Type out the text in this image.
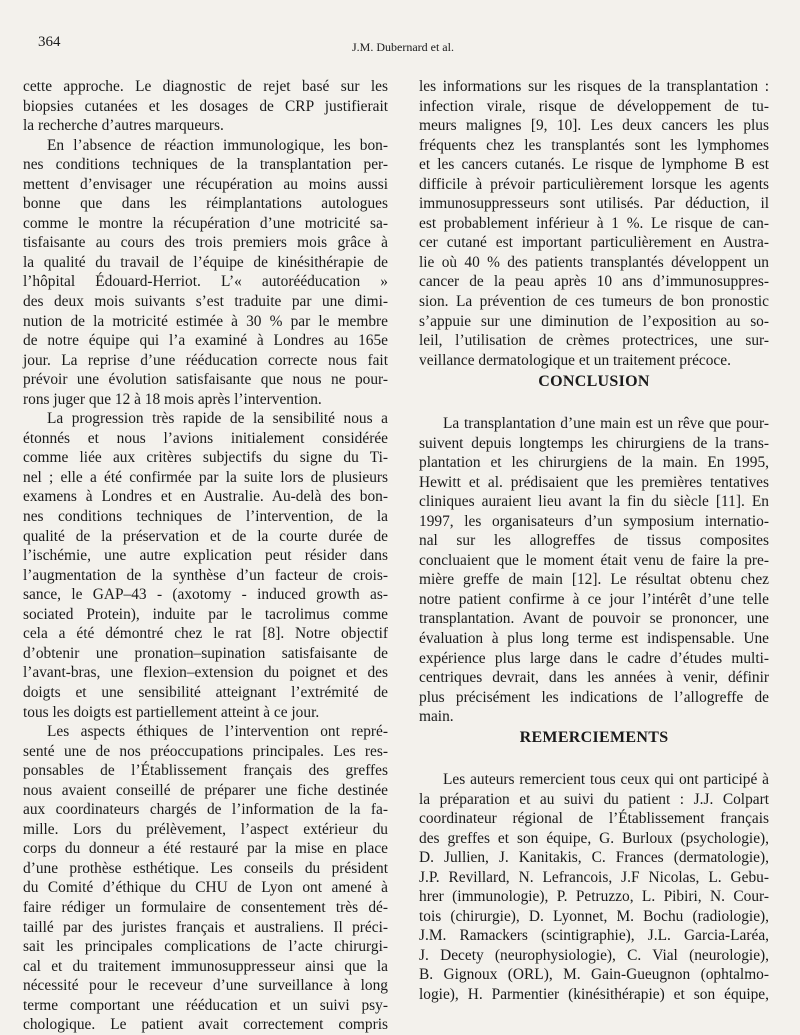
364	J.M. Dubernard et al.
cette approche. Le diagnostic de rejet basé sur les
biopsies cutanées et les dosages de CRP justifierait
la recherche d’autres marqueurs.
En l’absence de réaction immunologique, les bon-
nes conditions techniques de la transplantation per-
mettent d’envisager une récupération au moins aussi
bonne que dans les réimplantations autologues
comme le montre la récupération d’une motricité sa-
tisfaisante au cours des trois premiers mois grâce à
la qualité du travail de l’équipe de kinésithérapie de
l’hôpital Édouard-Herriot. L’« autorééducation »
des deux mois suivants s’est traduite par une dimi-
nution de la motricité estimée à 30 % par le membre
de notre équipe qui l’a examiné à Londres au 165e
jour. La reprise d’une rééducation correcte nous fait
prévoir une évolution satisfaisante que nous ne pour-
rons juger que 12 à 18 mois après l’intervention.
La progression très rapide de la sensibilité nous a
étonnés et nous l’avions initialement considérée
comme liée aux critères subjectifs du signe du Ti-
nel ; elle a été confirmée par la suite lors de plusieurs
examens à Londres et en Australie. Au-delà des bon-
nes conditions techniques de l’intervention, de la
qualité de la préservation et de la courte durée de
l’ischémie, une autre explication peut résider dans
l’augmentation de la synthèse d’un facteur de crois-
sance, le GAP–43 - (axotomy - induced growth as-
sociated Protein), induite par le tacrolimus comme
cela a été démontré chez le rat [8]. Notre objectif
d’obtenir une pronation–supination satisfaisante de
l’avant-bras, une flexion–extension du poignet et des
doigts et une sensibilité atteignant l’extrémité de
tous les doigts est partiellement atteint à ce jour.
Les aspects éthiques de l’intervention ont repré-
senté une de nos préoccupations principales. Les res-
ponsables de l’Établissement français des greffes
nous avaient conseillé de préparer une fiche destinée
aux coordinateurs chargés de l’information de la fa-
mille. Lors du prélèvement, l’aspect extérieur du
corps du donneur a été restauré par la mise en place
d’une prothèse esthétique. Les conseils du président
du Comité d’éthique du CHU de Lyon ont amené à
faire rédiger un formulaire de consentement très dé-
taillé par des juristes français et australiens. Il préci-
sait les principales complications de l’acte chirurgi-
cal et du traitement immunosuppresseur ainsi que la
nécessité pour le receveur d’une surveillance à long
terme comportant une rééducation et un suivi psy-
chologique. Le patient avait correctement compris
les informations sur les risques de la transplantation :
infection virale, risque de développement de tu-
meurs malignes [9, 10]. Les deux cancers les plus
fréquents chez les transplantés sont les lymphomes
et les cancers cutanés. Le risque de lymphome B est
difficile à prévoir particulièrement lorsque les agents
immunosuppresseurs sont utilisés. Par déduction, il
est probablement inférieur à 1 %. Le risque de can-
cer cutané est important particulièrement en Austra-
lie où 40 % des patients transplantés développent un
cancer de la peau après 10 ans d’immunosuppres-
sion. La prévention de ces tumeurs de bon pronostic
s’appuie sur une diminution de l’exposition au so-
leil, l’utilisation de crèmes protectrices, une sur-
veillance dermatologique et un traitement précoce.
CONCLUSION
La transplantation d’une main est un rêve que pour-
suivent depuis longtemps les chirurgiens de la trans-
plantation et les chirurgiens de la main. En 1995,
Hewitt et al. prédisaient que les premières tentatives
cliniques auraient lieu avant la fin du siècle [11]. En
1997, les organisateurs d’un symposium internatio-
nal sur les allogreffes de tissus composites
concluaient que le moment était venu de faire la pre-
mière greffe de main [12]. Le résultat obtenu chez
notre patient confirme à ce jour l’intérêt d’une telle
transplantation. Avant de pouvoir se prononcer, une
évaluation à plus long terme est indispensable. Une
expérience plus large dans le cadre d’études multi-
centriques devrait, dans les années à venir, définir
plus précisément les indications de l’allogreffe de
main.
REMERCIEMENTS
Les auteurs remercient tous ceux qui ont participé à
la préparation et au suivi du patient : J.J. Colpart
coordinateur régional de l’Établissement français
des greffes et son équipe, G. Burloux (psychologie),
D. Jullien, J. Kanitakis, C. Frances (dermatologie),
J.P. Revillard, N. Lefrancois, J.F Nicolas, L. Gebu-
hrer (immunologie), P. Petruzzo, L. Pibiri, N. Cour-
tois (chirurgie), D. Lyonnet, M. Bochu (radiologie),
J.M. Ramackers (scintigraphie), J.L. Garcia-Laréa,
J. Decety (neurophysiologie), C. Vial (neurologie),
B. Gignoux (ORL), M. Gain-Gueugnon (ophtalmo-
logie), H. Parmentier (kinésithérapie) et son équipe,
